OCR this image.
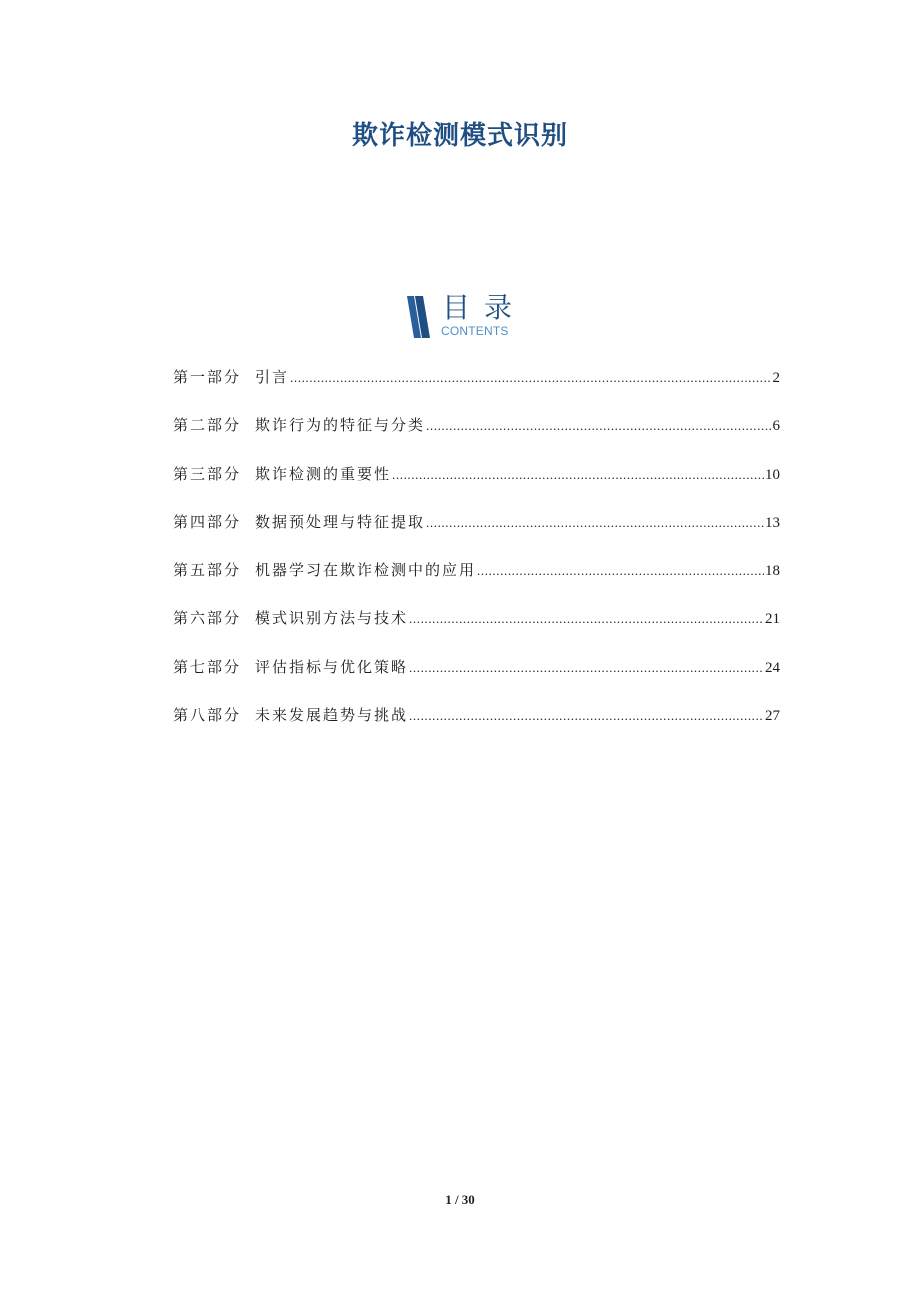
欺诈检测模式识别
目录
CONTENTS
第一部分 引言 .....	2
第二部分 欺诈行为的特征与分类 .....	6
第三部分 欺诈检测的重要性 .....	10
第四部分 数据预处理与特征提取 .....	13
第五部分 机器学习在欺诈检测中的应用 .....	18
第六部分 模式识别方法与技术 .....	21
第七部分 评估指标与优化策略 .....	24
第八部分 未来发展趋势与挑战 .....	27
1 / 30
